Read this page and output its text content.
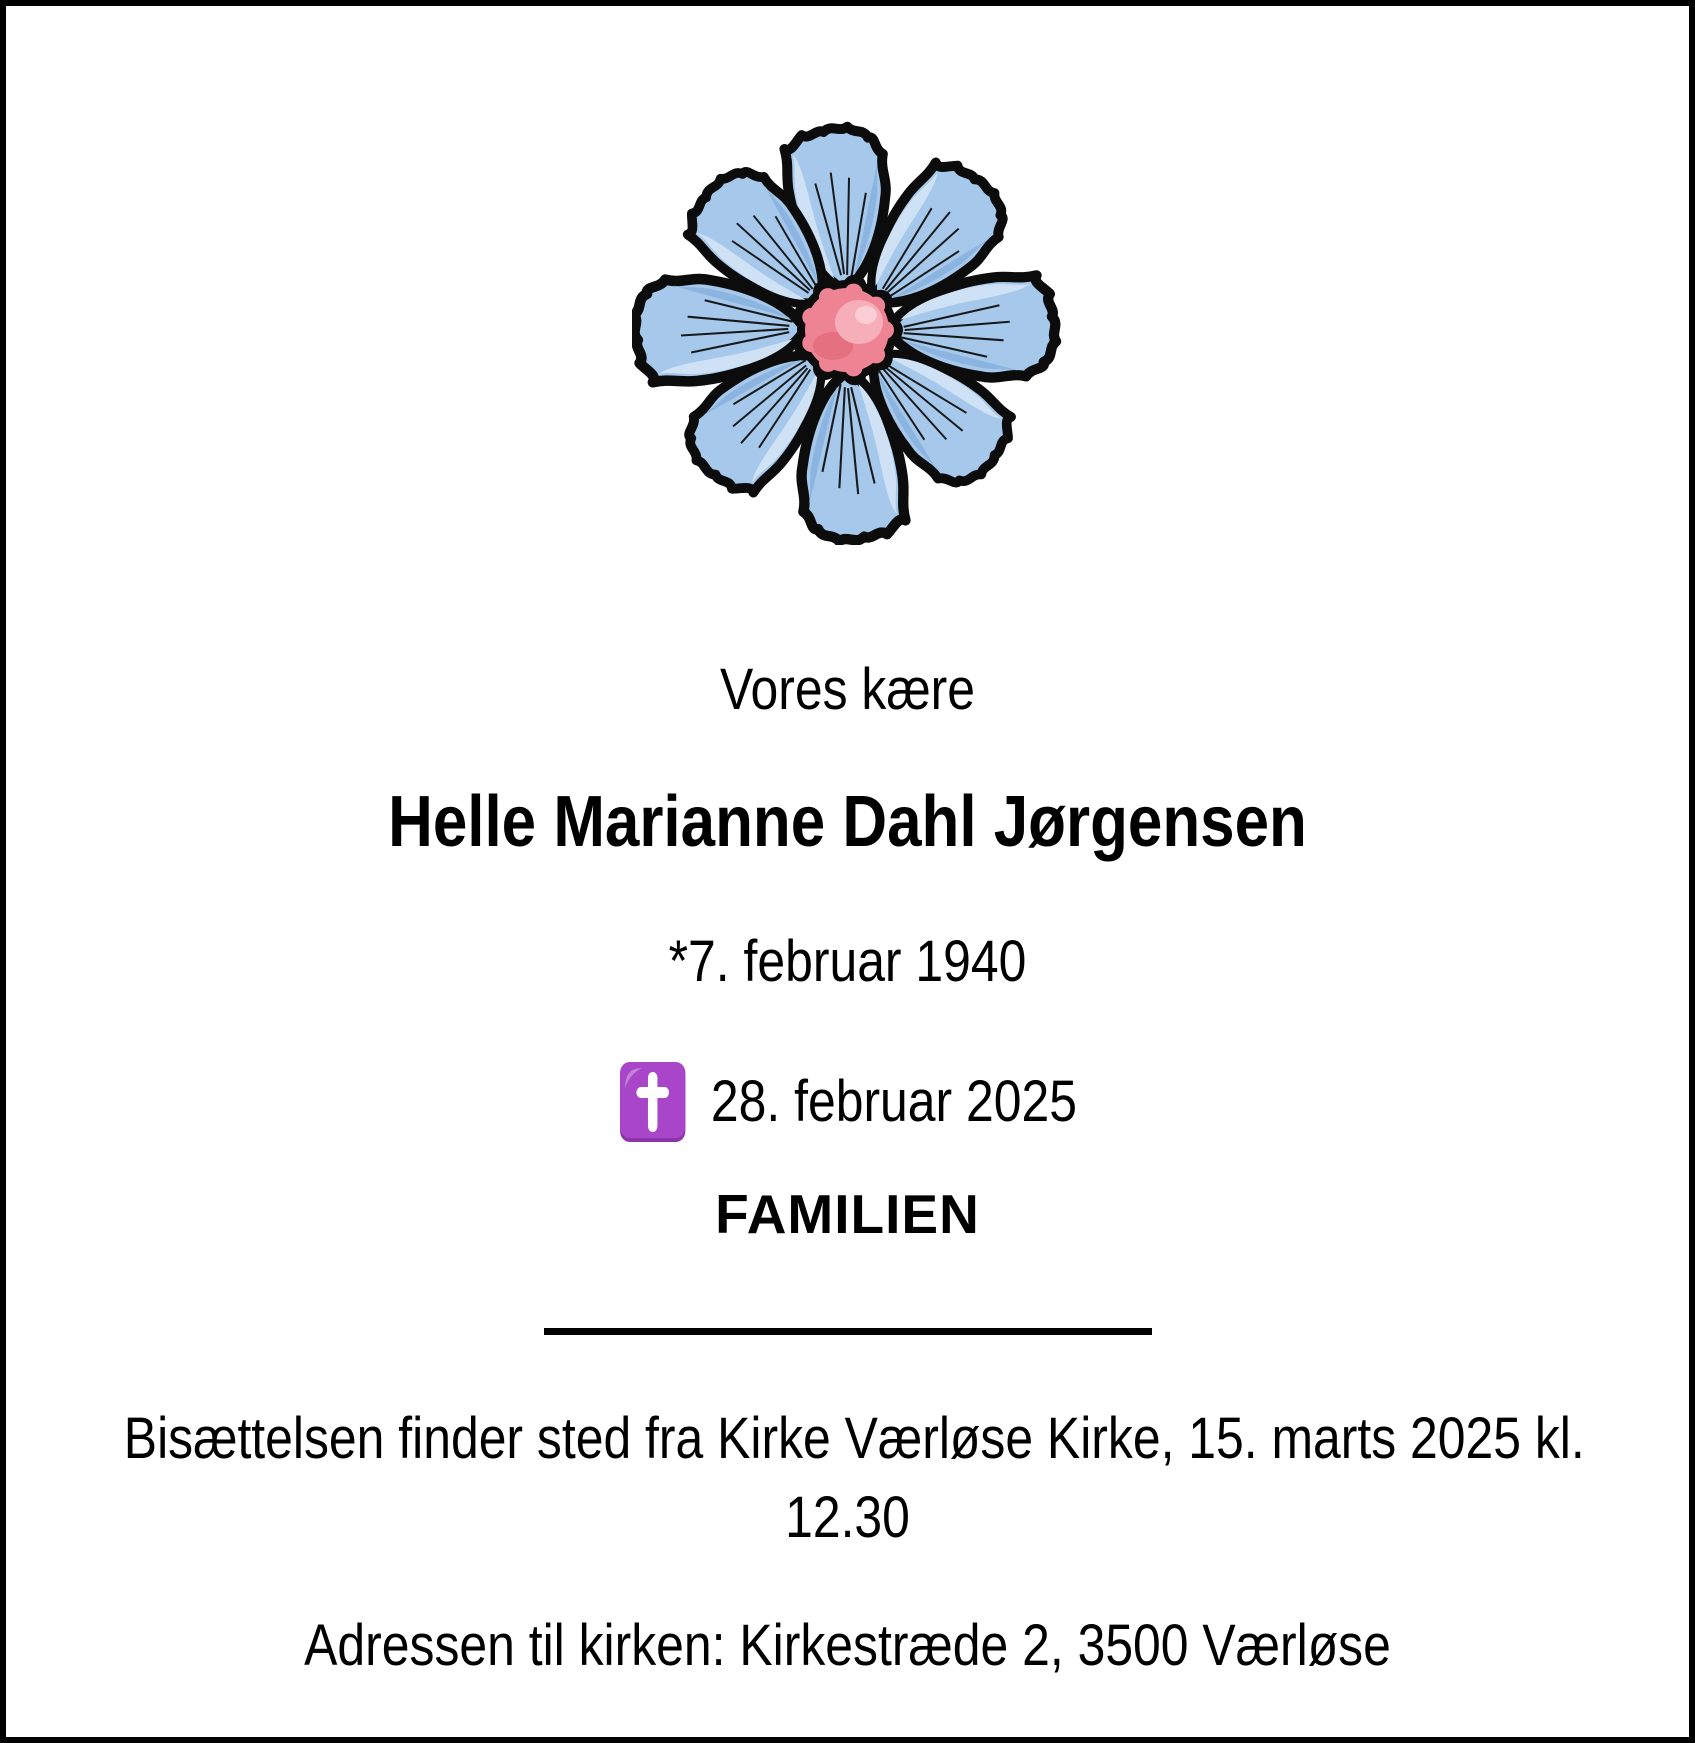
Vores kære
Helle Marianne Dahl Jørgensen
*7. februar 1940
28. februar 2025
FAMILIEN
Bisættelsen finder sted fra Kirke Værløse Kirke, 15. marts 2025 kl.
12.30
Adressen til kirken: Kirkestræde 2, 3500 Værløse
